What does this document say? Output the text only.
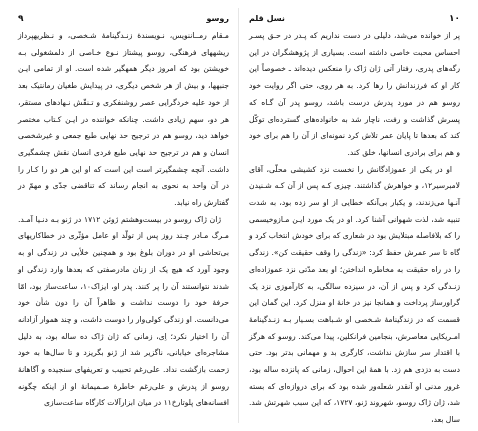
روسو
۹

مـقام رمــاننویس، نـویسندهٔ زنـدگینامهٔ شـخصی، و نـظریهپرداز ریشههای فرهنگی، روسو پیشتاز نـوع خـاصی از دلمشغولی بـه خویشتن بود که امروز دیگر همهگیر شده است. او از تمامی ایـن جنبهها، و بیش از هر شخص دیگری، در پیدایش طغیان رمانتیک بعد از خود علیه خردگرایی عصر روشنفکری و تـنقّش نـهادهای مستقر، هر دو، سهم زیادی داشت. چنانکه خواننده در ایـن کـتاب مختصر خواهد دید، روسو هم در ترجیح حد نهایی طبع جمعی و غیرشخصی انسان و هم در ترجیح حد نهایی طبع فردی انسان نقش چشمگیری داشت. آنچه چشمگیرتر است این است که او این هر دو را کـار را در آن واحد به نحوی به انجام رساند که تناقضی جدّی و مهمّ در گفتارش راه نیابد.

ژان ژاک روسو در بیست‌وهشتم ژوئن ۱۷۱۲ در ژنو بـه دنـیا آمـد. مـرگ مـادر چـند روز پس از تولّد او عامل مؤثّری در خطاکاریهای بی‌تحاشی او در دوران بلوغ بود و همچنین خلأیی در زندگی او به وجود آورد که هیچ یک از زنان مادرصفتی که بعدها وارد زندگی او شدند نتوانستند آن را پر کنند. پدر او، ایزاک۱۰، ساعت‌ساز بود، امّا حرفهٔ خود را دوست نداشت و ظاهراً آن را دون شأن خود می‌دانست. او زندگی کولی‌وار را دوست داشت، و چند هموار آزادانه آن را اختیار نکرد؛ اِی، زمانی که ژان ژاک ده ساله بود، به دلیل مشاجره‌ای خیابانی، ناگزیر شد از ژنو بگریزد و تا سال‌ها به خود زحمت بازگشت نداد. علی‌رغم تحبیب و تعریفهای سنجیده و آگاهانهٔ روسو از پدرش و علی‌رغم خاطرهٔ صـمیمانهٔ او از اینکه چگونه افسانه‌های پلوتارخ۱۱ در میان ابزارآلات کارگاه ساعت‌سازی

۱۰
نسل قلم

پر از خوانده می‌شد، دلیلی در دست نداریم که پـدر در حـق پسـر احساس محبت خاصی داشته است. بسیاری از پژوهشگران در این رگه‌های پدری، رفتار آتی ژان ژاک را منعکس دیده‌اند ـ خصوصاً این کار او که فرزندانش را رها کرد. به هر روی، حتی اگر روایت خود روسو هم در مورد پدرش درست باشد، روسو پدر آن گـاه که پسرش گذاشت و رفت، ناچار شد به خانواده‌های گسترده‌ای توکّل کند که بعدها تا پایان عمر تلاش کرد نمونه‌ای از آن را هم برای خود و هم برای برادری انسانها، خلق کند.

او در یکی از عموزادگانش را نخست نزد کشیشی محلّی، آقای لامبرسیر۱۲، و خواهرش گذاشتند. چیزی کـه پس از آن کـه شـنیدن آنـها می‌زندند، و یکبار بی‌آنکه خطایی از او سر زده بود، به شدت تنبیه شد، لذت شهوانی آشنا کرد. او در یک مورد ایـن مـازوخیسمی را که بلافاصله مبتلایش بود در شعاری که برای خودش انتخاب کرد و گاه تا سر عمرش حفظ کرد: «زندگی را وقف حقیقت کن». زندگی را در راه حقیقت به مخاطره انداختن؛ او بعد مدّتی نزد عموزاده‌ای زنـدگی کرد و پس از آن، در سیزده سالگی، به کارآموزی نزد یک گراورساز پرداخت و همانجا نیز در خانهٔ او منزل کرد. این گمان این قسمت که در زندگینامهٔ شـخصی او شـباهت بسـیار بـه زنـدگینامهٔ امـریکایی معاصرش، بنجامین فرانکلین، پیدا می‌کند. روسو که هرگز با اقتدار سر سازش نداشت، کارگری بد و مهمانی بدتر بود. حتی دست به دزدی هم زد. با همهٔ این احوال، زمانی که پانزده ساله بود، غرور مدنی او آنقدر شعله‌ور شده بود که برای دروازه‌ای که بسته شد، ژان ژاک روسو، شهروند ژنو، ۱۷۲۷، که این سبب شهرتش شد. سال بعد،
